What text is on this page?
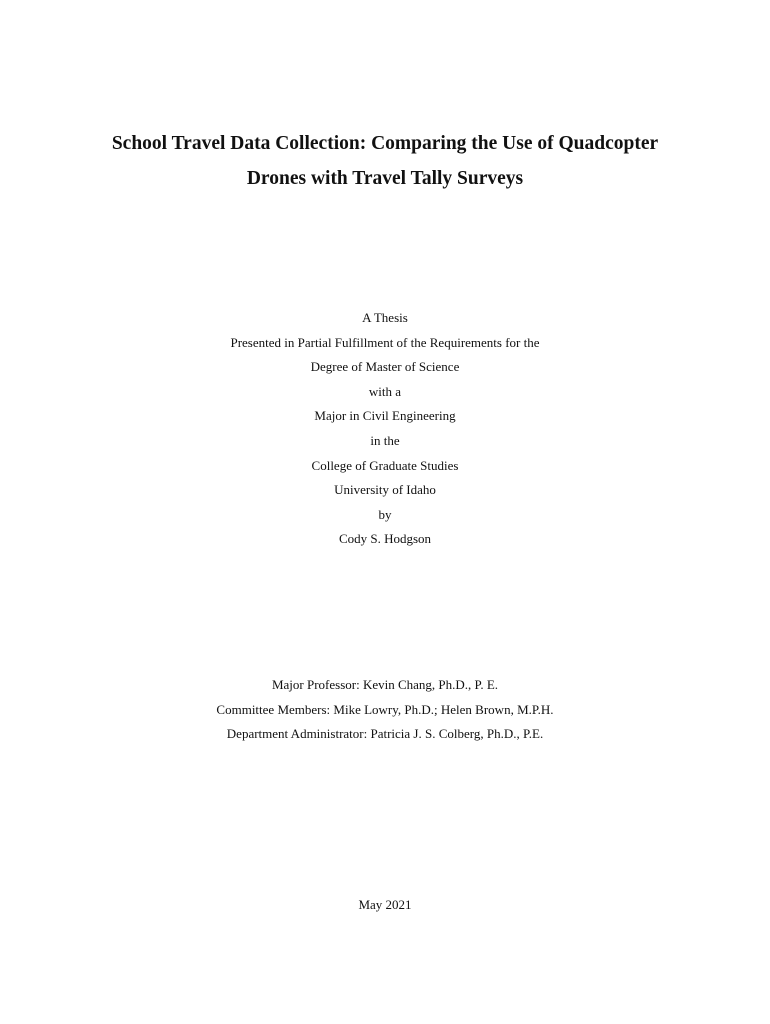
School Travel Data Collection: Comparing the Use of Quadcopter
Drones with Travel Tally Surveys
A Thesis
Presented in Partial Fulfillment of the Requirements for the
Degree of Master of Science
with a
Major in Civil Engineering
in the
College of Graduate Studies
University of Idaho
by
Cody S. Hodgson
Major Professor: Kevin Chang, Ph.D., P. E.
Committee Members: Mike Lowry, Ph.D.; Helen Brown, M.P.H.
Department Administrator: Patricia J. S. Colberg, Ph.D., P.E.
May 2021
